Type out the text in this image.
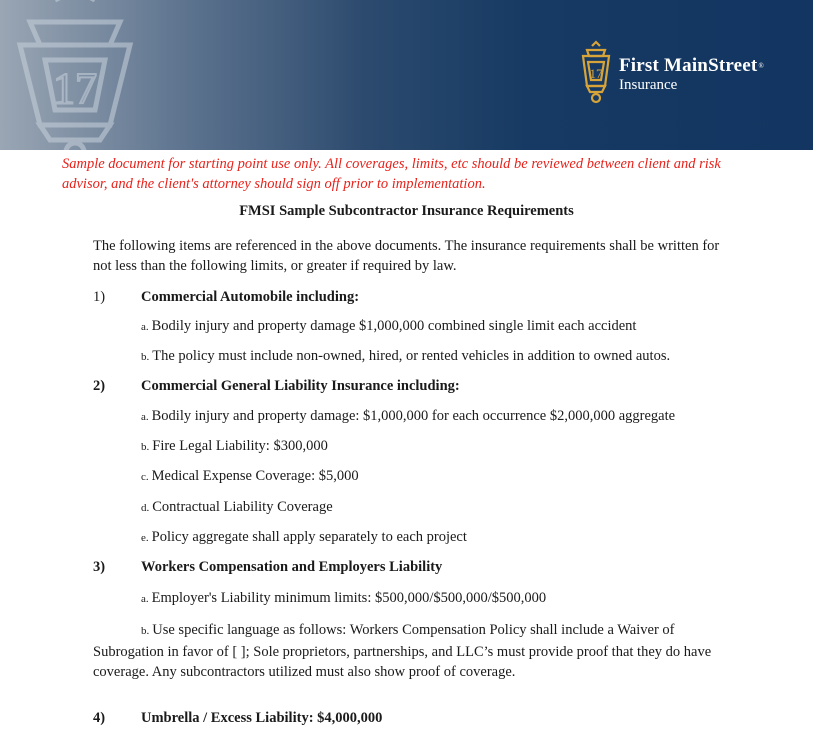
17	17 First MainStreet®
Insurance
Sample document for starting point use only. All coverages, limits, etc should be reviewed between client and risk advisor, and the client's attorney should sign off prior to implementation.
FMSI Sample Subcontractor Insurance Requirements
The following items are referenced in the above documents. The insurance requirements shall be written for not less than the following limits, or greater if required by law.
1) Commercial Automobile including:
a. Bodily injury and property damage $1,000,000 combined single limit each accident
b. The policy must include non-owned, hired, or rented vehicles in addition to owned autos.
2) Commercial General Liability Insurance including:
a. Bodily injury and property damage: $1,000,000 for each occurrence $2,000,000 aggregate
b. Fire Legal Liability: $300,000
c. Medical Expense Coverage: $5,000
d. Contractual Liability Coverage
e. Policy aggregate shall apply separately to each project
3) Workers Compensation and Employers Liability
a. Employer's Liability minimum limits: $500,000/$500,000/$500,000
b. Use specific language as follows: Workers Compensation Policy shall include a Waiver of Subrogation in favor of [ ]; Sole proprietors, partnerships, and LLC’s must provide proof that they do have coverage. Any subcontractors utilized must also show proof of coverage.
4) Umbrella / Excess Liability: $4,000,000
